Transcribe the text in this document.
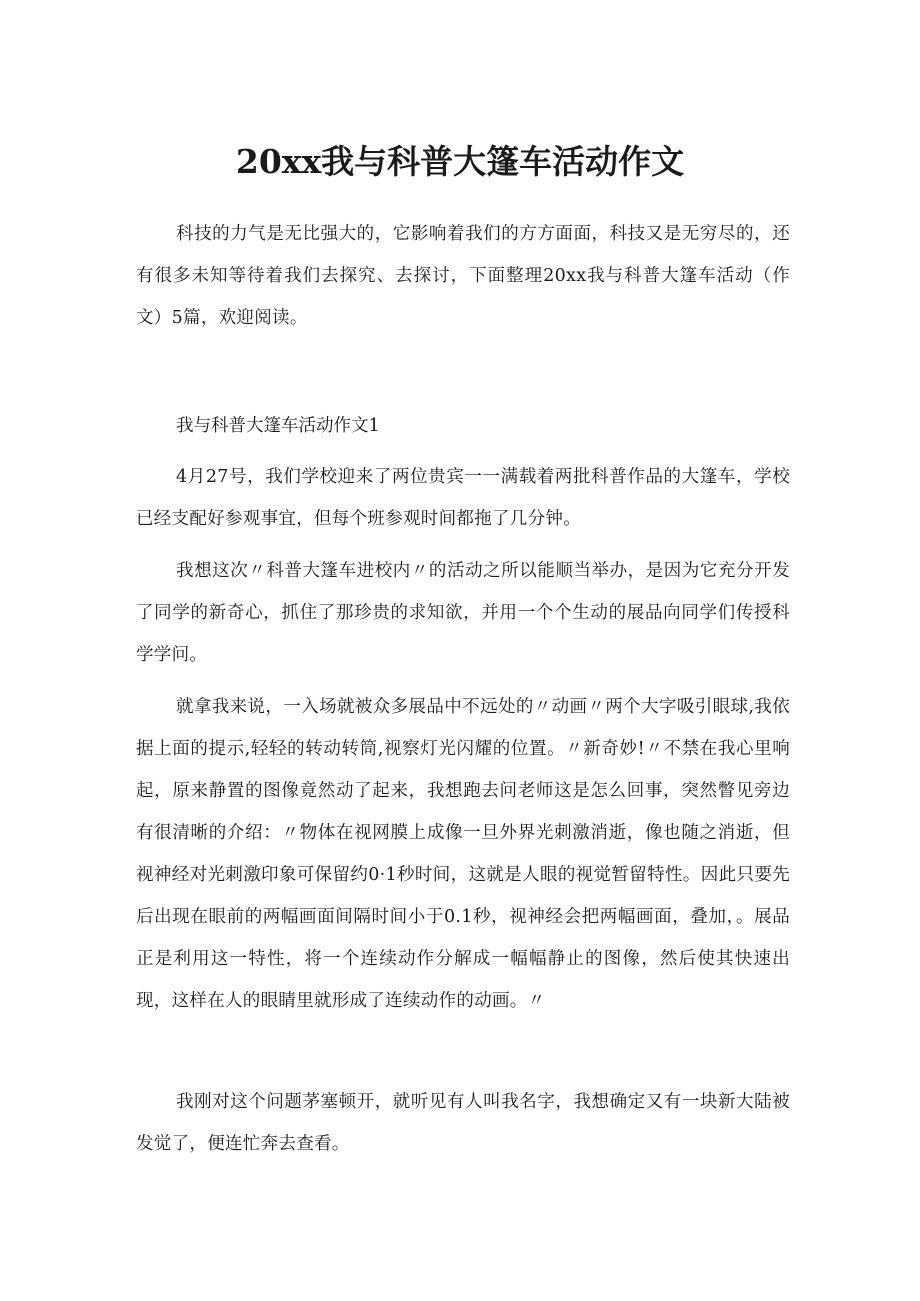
20xx我与科普大篷车活动作文

科技的力气是无比强大的，它影响着我们的方方面面，科技又是无穷尽的，还有很多未知等待着我们去探究、去探讨，下面整理20xx我与科普大篷车活动（作文）5篇，欢迎阅读。

我与科普大篷车活动作文1

4月27号，我们学校迎来了两位贵宾一一满载着两批科普作品的大篷车，学校已经支配好参观事宜，但每个班参观时间都拖了几分钟。

我想这次〃科普大篷车进校内〃的活动之所以能顺当举办，是因为它充分开发了同学的新奇心，抓住了那珍贵的求知欲，并用一个个生动的展品向同学们传授科学学问。

就拿我来说，一入场就被众多展品中不远处的〃动画〃两个大字吸引眼球,我依据上面的提示,轻轻的转动转筒,视察灯光闪耀的位置。〃新奇妙!〃不禁在我心里响起，原来静置的图像竟然动了起来，我想跑去问老师这是怎么回事，突然瞥见旁边有很清晰的介绍：〃物体在视网膜上成像一旦外界光刺激消逝，像也随之消逝，但视神经对光刺激印象可保留约0·1秒时间，这就是人眼的视觉暂留特性。因此只要先后出现在眼前的两幅画面间隔时间小于0.1秒，视神经会把两幅画面，叠加，。展品正是利用这一特性，将一个连续动作分解成一幅幅静止的图像，然后使其快速出现，这样在人的眼睛里就形成了连续动作的动画。〃

我刚对这个问题茅塞顿开，就听见有人叫我名字，我想确定又有一块新大陆被发觉了，便连忙奔去查看。
